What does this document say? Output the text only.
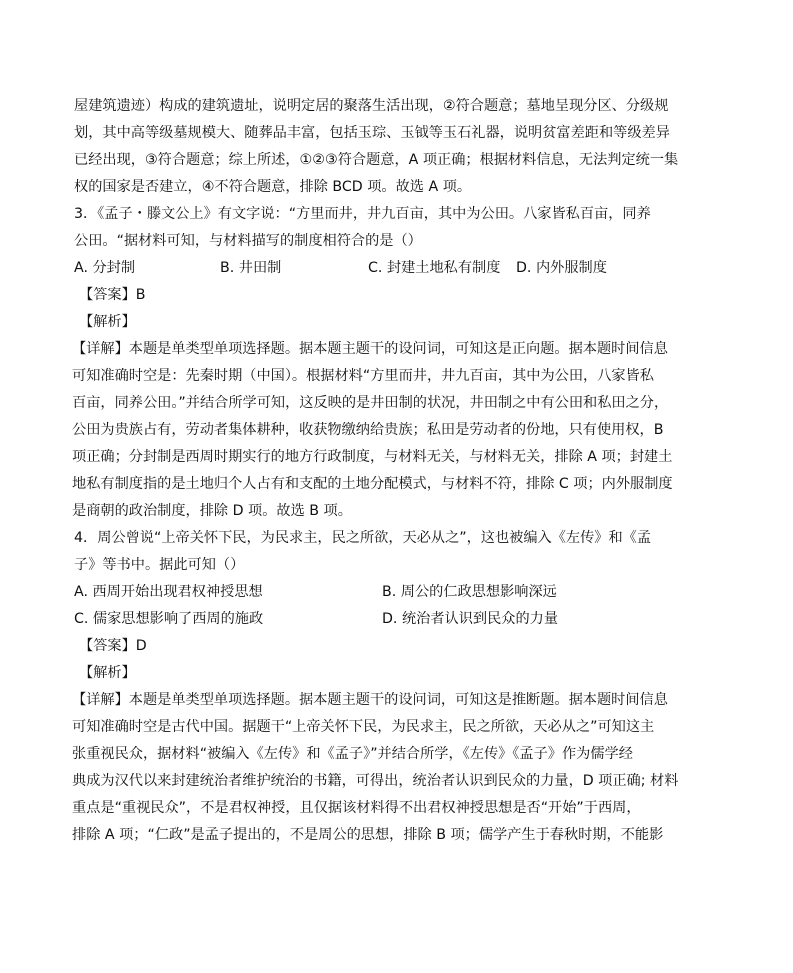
屋建筑遗迹）构成的建筑遗址，说明定居的聚落生活出现，②符合题意；墓地呈现分区、分级规

划，其中高等级墓规模大、随葬品丰富，包括玉琮、玉钺等玉石礼器，说明贫富差距和等级差异

已经出现，③符合题意；综上所述，①②③符合题意，A 项正确；根据材料信息，无法判定统一集

权的国家是否建立，④不符合题意，排除 BCD 项。故选 A 项。

3．《孟子・滕文公上》有文字说：“方里而井，井九百亩，其中为公田。八家皆私百亩，同养

公田。“据材料可知，与材料描写的制度相符合的是（）

A. 分封制	B. 井田制	C. 封建土地私有制度	D. 内外服制度

【答案】B

【解析】

【详解】本题是单类型单项选择题。据本题主题干的设问词，可知这是正向题。据本题时间信息

可知准确时空是：先秦时期（中国）。根据材料“方里而井，井九百亩，其中为公田，八家皆私

百亩，同养公田。”并结合所学可知，这反映的是井田制的状况，井田制之中有公田和私田之分，

公田为贵族占有，劳动者集体耕种，收获物缴纳给贵族；私田是劳动者的份地，只有使用权，B

项正确；分封制是西周时期实行的地方行政制度，与材料无关，与材料无关，排除 A 项；封建土

地私有制度指的是土地归个人占有和支配的土地分配模式，与材料不符，排除 C 项；内外服制度

是商朝的政治制度，排除 D 项。故选 B 项。

4．周公曾说“上帝关怀下民，为民求主，民之所欲，天必从之”，这也被编入《左传》和《孟

子》等书中。据此可知（）

A. 西周开始出现君权神授思想	B. 周公的仁政思想影响深远
C. 儒家思想影响了西周的施政	D. 统治者认识到民众的力量

【答案】D

【解析】

【详解】本题是单类型单项选择题。据本题主题干的设问词，可知这是推断题。据本题时间信息

可知准确时空是古代中国。据题干“上帝关怀下民，为民求主，民之所欲，天必从之”可知这主

张重视民众，据材料“被编入《左传》和《孟子》”并结合所学，《左传》《孟子》作为儒学经

典成为汉代以来封建统治者维护统治的书籍，可得出，统治者认识到民众的力量，D 项正确; 材料

重点是“重视民众”，不是君权神授，且仅据该材料得不出君权神授思想是否“开始”于西周，

排除 A 项；“仁政”是孟子提出的，不是周公的思想，排除 B 项；儒学产生于春秋时期，不能影
